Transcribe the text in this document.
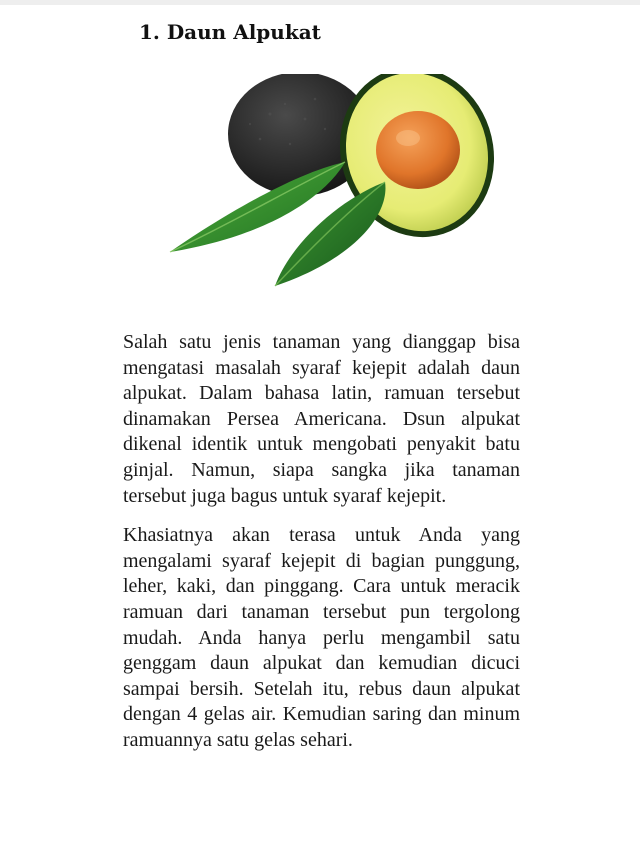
1. Daun Alpukat

Salah satu jenis tanaman yang dianggap bisa mengatasi masalah syaraf kejepit adalah daun alpukat. Dalam bahasa latin, ramuan tersebut dinamakan Persea Americana. Dsun alpukat dikenal identik untuk mengobati penyakit batu ginjal. Namun, siapa sangka jika tanaman tersebut juga bagus untuk syaraf kejepit.

Khasiatnya akan terasa untuk Anda yang mengalami syaraf kejepit di bagian punggung, leher, kaki, dan pinggang. Cara untuk meracik ramuan dari tanaman tersebut pun tergolong mudah. Anda hanya perlu mengambil satu genggam daun alpukat dan kemudian dicuci sampai bersih. Setelah itu, rebus daun alpukat dengan 4 gelas air. Kemudian saring dan minum ramuannya satu gelas sehari.
